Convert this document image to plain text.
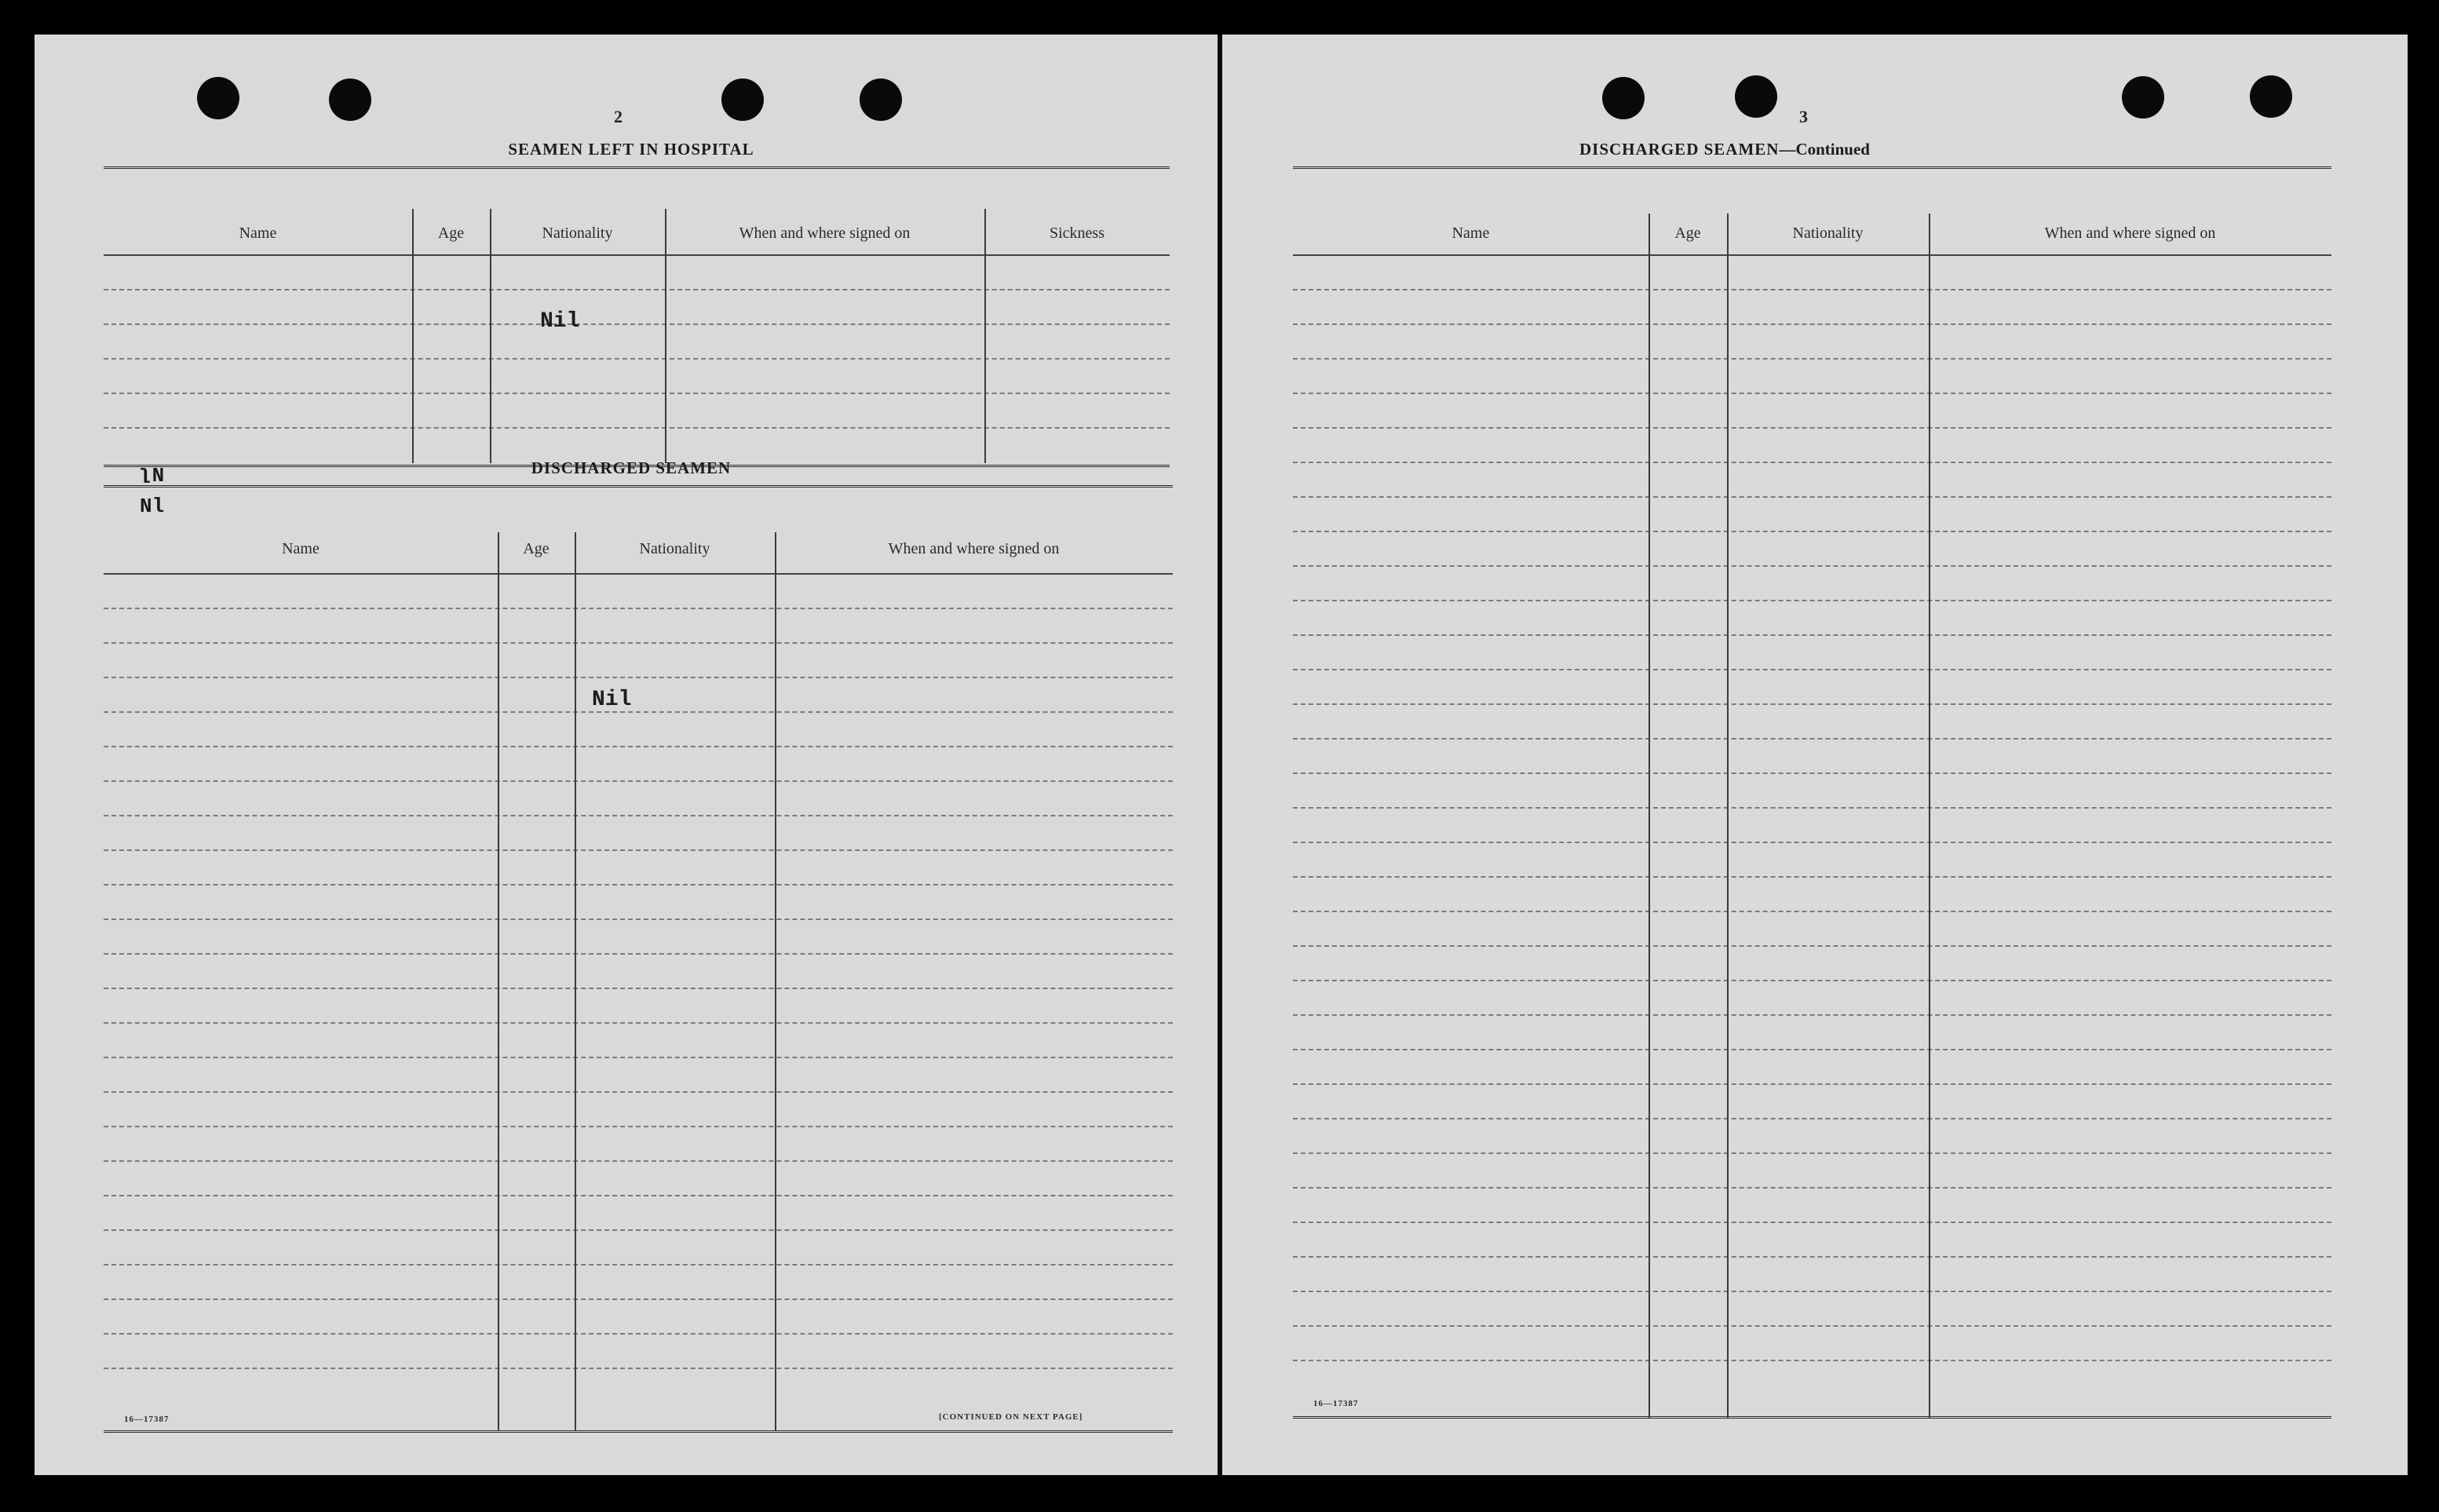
2
SEAMEN LEFT IN HOSPITAL
Name	Age	Nationality	When and where signed on	Sickness
Nil
Nl
Nl
DISCHARGED SEAMEN
Name	Age	Nationality	When and where signed on
Nil
16—17387	[CONTINUED ON NEXT PAGE]
3
DISCHARGED SEAMEN—Continued
Name	Age	Nationality	When and where signed on
16—17387
